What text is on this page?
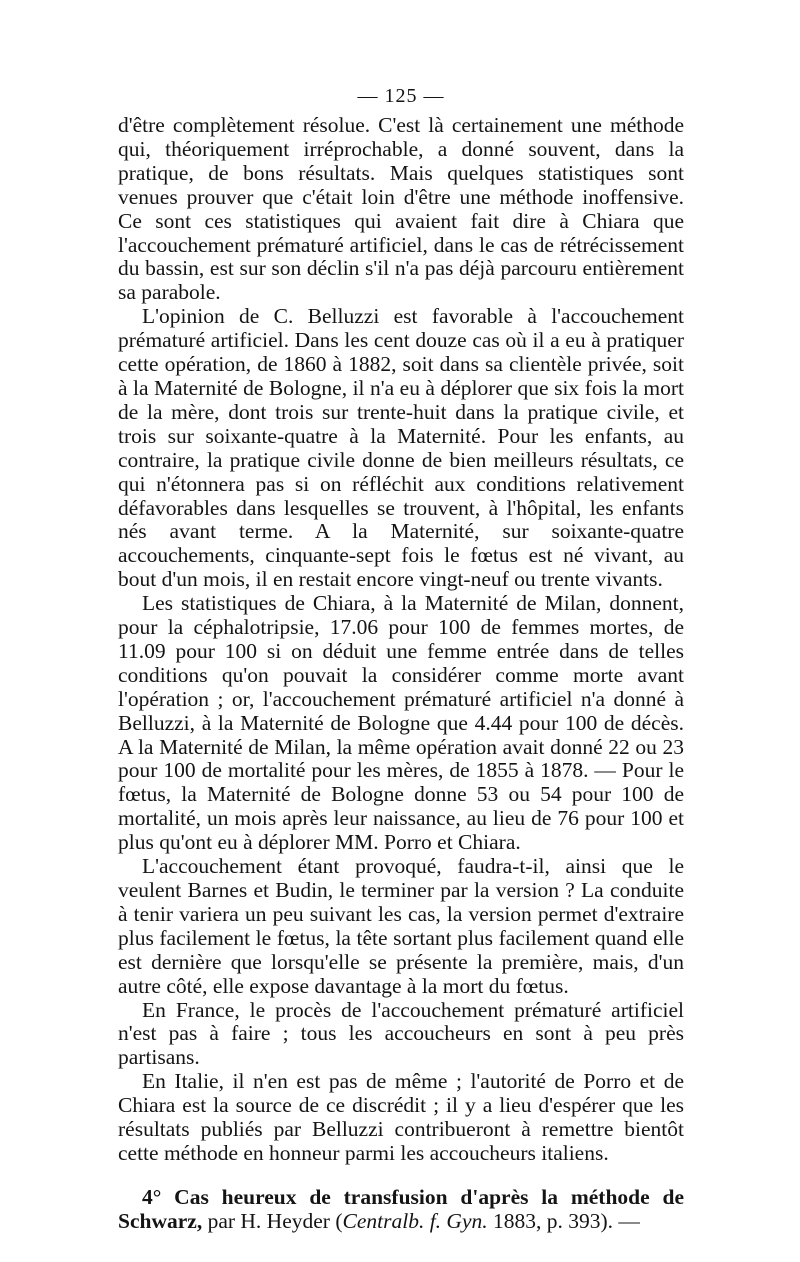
— 125 —

d'être complètement résolue. C'est là certainement une méthode qui, théoriquement irréprochable, a donné souvent, dans la pratique, de bons résultats. Mais quelques statistiques sont venues prouver que c'était loin d'être une méthode inoffensive. Ce sont ces statistiques qui avaient fait dire à Chiara que l'accouchement prématuré artificiel, dans le cas de rétrécissement du bassin, est sur son déclin s'il n'a pas déjà parcouru entièrement sa parabole.

L'opinion de C. Belluzzi est favorable à l'accouchement prématuré artificiel. Dans les cent douze cas où il a eu à pratiquer cette opération, de 1860 à 1882, soit dans sa clientèle privée, soit à la Maternité de Bologne, il n'a eu à déplorer que six fois la mort de la mère, dont trois sur trente-huit dans la pratique civile, et trois sur soixante-quatre à la Maternité. Pour les enfants, au contraire, la pratique civile donne de bien meilleurs résultats, ce qui n'étonnera pas si on réfléchit aux conditions relativement défavorables dans lesquelles se trouvent, à l'hôpital, les enfants nés avant terme. A la Maternité, sur soixante-quatre accouchements, cinquante-sept fois le fœtus est né vivant, au bout d'un mois, il en restait encore vingt-neuf ou trente vivants.

Les statistiques de Chiara, à la Maternité de Milan, donnent, pour la céphalotripsie, 17.06 pour 100 de femmes mortes, de 11.09 pour 100 si on déduit une femme entrée dans de telles conditions qu'on pouvait la considérer comme morte avant l'opération ; or, l'accouchement prématuré artificiel n'a donné à Belluzzi, à la Maternité de Bologne que 4.44 pour 100 de décès. A la Maternité de Milan, la même opération avait donné 22 ou 23 pour 100 de mortalité pour les mères, de 1855 à 1878. — Pour le fœtus, la Maternité de Bologne donne 53 ou 54 pour 100 de mortalité, un mois après leur naissance, au lieu de 76 pour 100 et plus qu'ont eu à déplorer MM. Porro et Chiara.

L'accouchement étant provoqué, faudra-t-il, ainsi que le veulent Barnes et Budin, le terminer par la version ? La conduite à tenir variera un peu suivant les cas, la version permet d'extraire plus facilement le fœtus, la tête sortant plus facilement quand elle est dernière que lorsqu'elle se présente la première, mais, d'un autre côté, elle expose davantage à la mort du fœtus.

En France, le procès de l'accouchement prématuré artificiel n'est pas à faire ; tous les accoucheurs en sont à peu près partisans.

En Italie, il n'en est pas de même ; l'autorité de Porro et de Chiara est la source de ce discrédit ; il y a lieu d'espérer que les résultats publiés par Belluzzi contribueront à remettre bientôt cette méthode en honneur parmi les accoucheurs italiens.

4° Cas heureux de transfusion d'après la méthode de Schwarz, par H. Heyder (Centralb. f. Gyn. 1883, p. 393). —
